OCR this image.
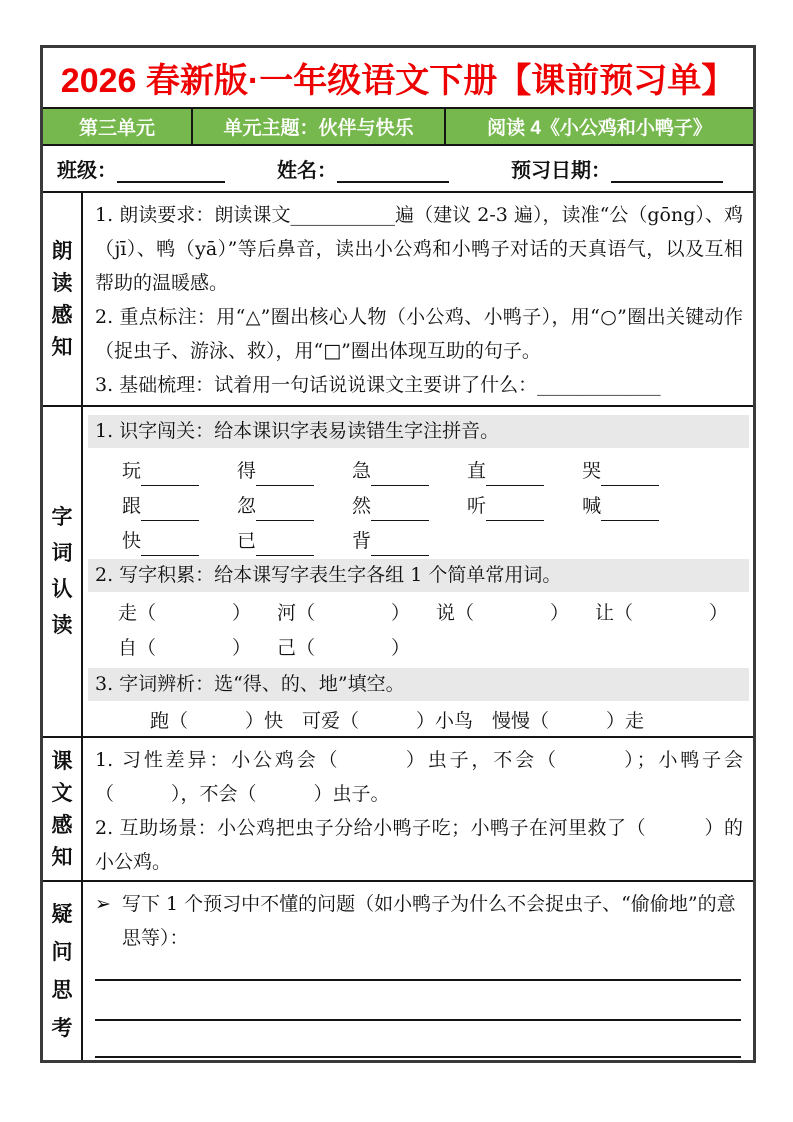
2026 春新版·一年级语文下册【课前预习单】
第三单元	单元主题：伙伴与快乐	阅读 4《小公鸡和小鸭子》
班级：	姓名：	预习日期：
朗
读
感
知
1. 朗读要求：朗读课文___________遍（建议 2-3 遍），读准“公（gōng）、鸡（jī）、鸭（yā）”等后鼻音，读出小公鸡和小鸭子对话的天真语气，以及互相帮助的温暖感。
2. 重点标注：用“△”圈出核心人物（小公鸡、小鸭子），用“○”圈出关键动作（捉虫子、游泳、救），用“□”圈出体现互助的句子。
3. 基础梳理：试着用一句话说说课文主要讲了什么：_____________
字
词
认
读
1. 识字闯关：给本课识字表易读错生字注拼音。
玩	得	急	直	哭
跟	忽	然	听	喊
快	已	背
2. 写字积累：给本课写字表生字各组 1 个简单常用词。
走（　　　　） 河（　　　　） 说（　　　　） 让（　　　　）
自（　　　　） 己（　　　　）
3. 字词辨析：选“得、的、地”填空。
跑（　　　）快　可爱（　　　）小鸟　慢慢（　　　）走
课
文
感
知
1. 习性差异：小公鸡会（　　　）虫子，不会（　　　）；小鸭子会（　　　），不会（　　　）虫子。
2. 互助场景：小公鸡把虫子分给小鸭子吃；小鸭子在河里救了（　　　）的小公鸡。
疑
问
思
考
➢ 写下 1 个预习中不懂的问题（如小鸭子为什么不会捉虫子、“偷偷地”的意思等）：
